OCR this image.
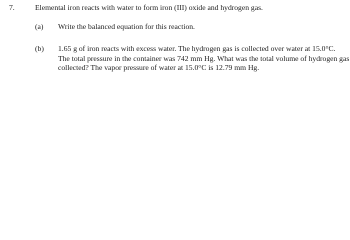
7.	Elemental iron reacts with water to form iron (III) oxide and hydrogen gas.
(a) Write the balanced equation for this reaction.
(b) 1.65 g of iron reacts with excess water. The hydrogen gas is collected over water at 15.0°C.
The total pressure in the container was 742 mm Hg. What was the total volume of hydrogen gas
collected? The vapor pressure of water at 15.0°C is 12.79 mm Hg.
